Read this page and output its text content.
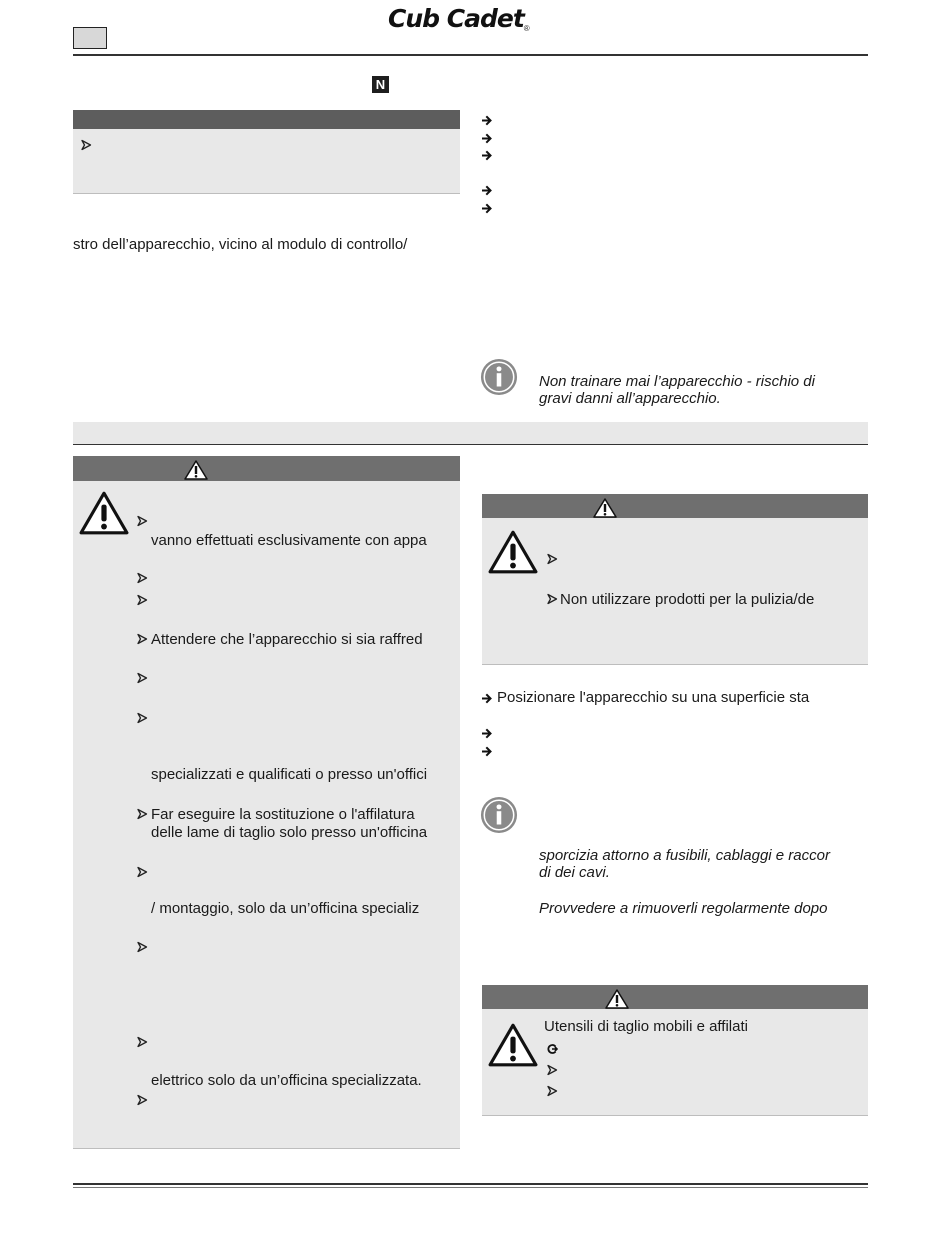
Cub Cadet®
N
stro dell’apparecchio, vicino al modulo di controllo/
Non trainare mai l’apparecchio - rischio di
gravi danni all’apparecchio.
vanno effettuati esclusivamente con appa
Attendere che l’apparecchio si sia raffred
specializzati e qualificati o presso un'offici
Far eseguire la sostituzione o l'affilatura
delle lame di taglio solo presso un'officina
/ montaggio, solo da un’officina specializ
elettrico solo da un’officina specializzata.
Non utilizzare prodotti per la pulizia/de
Posizionare l'apparecchio su una superficie sta
sporcizia attorno a fusibili, cablaggi e raccor
di dei cavi.
Provvedere a rimuoverli regolarmente dopo
Utensili di taglio mobili e affilati
